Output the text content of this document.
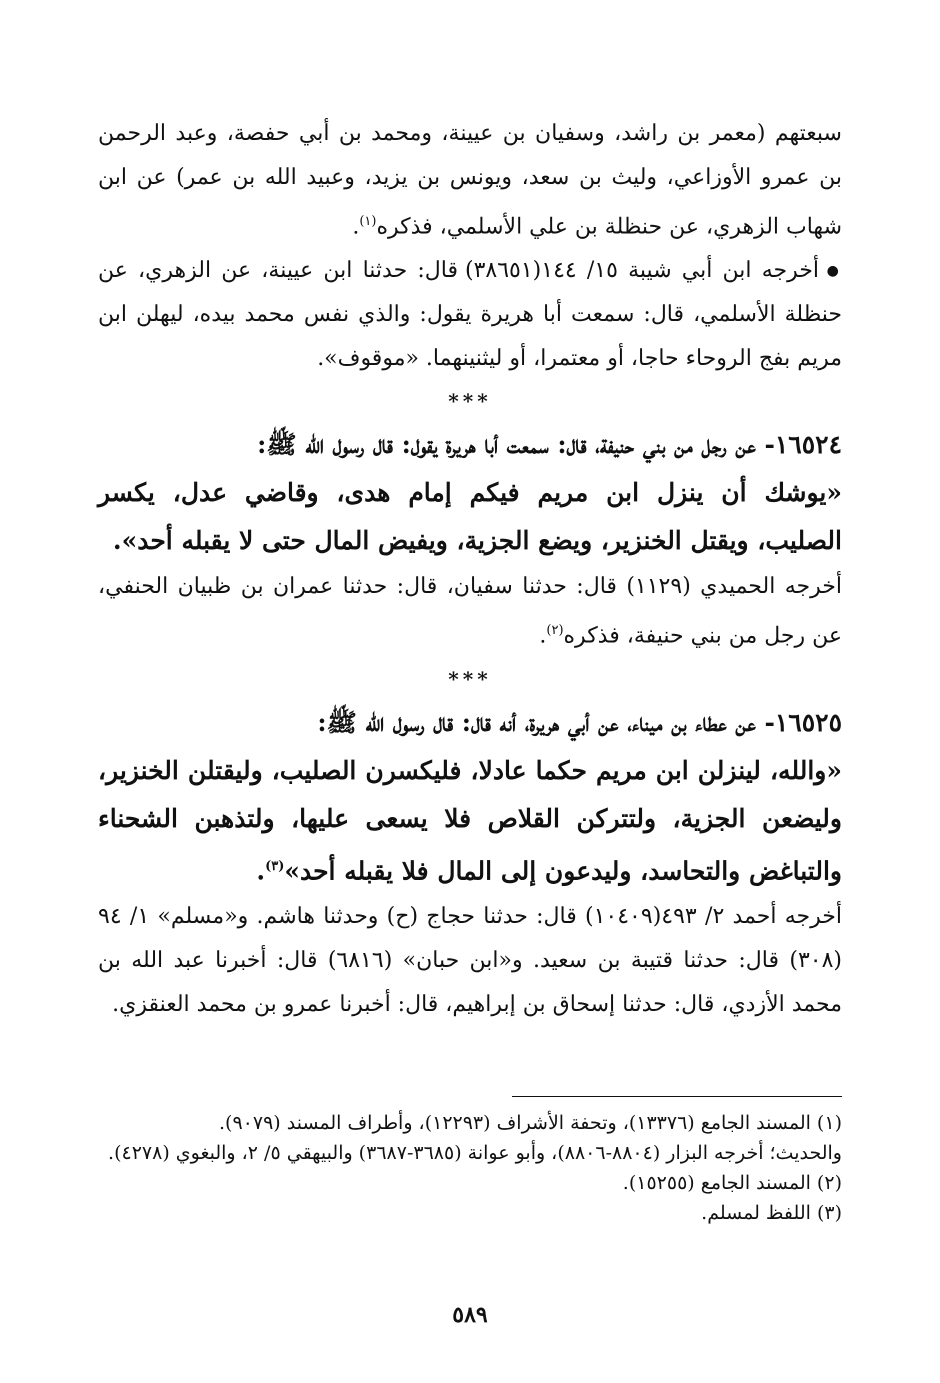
سبعتهم (معمر بن راشد، وسفيان بن عيينة، ومحمد بن أبي حفصة، وعبد الرحمن بن عمرو الأوزاعي، وليث بن سعد، ويونس بن يزيد، وعبيد الله بن عمر) عن ابن شهاب الزهري، عن حنظلة بن علي الأسلمي، فذكره$^{(١)}$.

● أخرجه ابن أبي شيبة ١٥/ ١٤٤(٣٨٦٥١) قال: حدثنا ابن عيينة، عن الزهري، عن حنظلة الأسلمي، قال: سمعت أبا هريرة يقول: والذي نفس محمد بيده، ليهلن ابن مريم بفج الروحاء حاجا، أو معتمرا، أو ليثنينهما. «موقوف».

***

١٦٥٢٤- عن رجل من بني حنيفة، قال: سمعت أبا هريرة يقول: قال رسول الله ﷺ:

«يوشك أن ينزل ابن مريم فيكم إمام هدى، وقاضي عدل، يكسر الصليب، ويقتل الخنزير، ويضع الجزية، ويفيض المال حتى لا يقبله أحد».

أخرجه الحميدي (١١٢٩) قال: حدثنا سفيان، قال: حدثنا عمران بن ظبيان الحنفي، عن رجل من بني حنيفة، فذكره$^{(٢)}$.

***

١٦٥٢٥- عن عطاء بن ميناء، عن أبي هريرة، أنه قال: قال رسول الله ﷺ:

«والله، لينزلن ابن مريم حكما عادلا، فليكسرن الصليب، وليقتلن الخنزير، وليضعن الجزية، ولتتركن القلاص فلا يسعى عليها، ولتذهبن الشحناء والتباغض والتحاسد، وليدعون إلى المال فلا يقبله أحد»$^{(٣)}$.

أخرجه أحمد ٢/ ٤٩٣(١٠٤٠٩) قال: حدثنا حجاج (ح) وحدثنا هاشم. و«مسلم» ١/ ٩٤ (٣٠٨) قال: حدثنا قتيبة بن سعيد. و«ابن حبان» (٦٨١٦) قال: أخبرنا عبد الله بن محمد الأزدي، قال: حدثنا إسحاق بن إبراهيم، قال: أخبرنا عمرو بن محمد العنقزي.

(١) المسند الجامع (١٣٣٧٦)، وتحفة الأشراف (١٢٢٩٣)، وأطراف المسند (٩٠٧٩).

والحديث؛ أخرجه البزار (٨٨٠٤-٨٨٠٦)، وأبو عوانة (٣٦٨٥-٣٦٨٧) والبيهقي ٥/ ٢، والبغوي (٤٢٧٨).

(٢) المسند الجامع (١٥٢٥٥).

(٣) اللفظ لمسلم.

٥٨٩
